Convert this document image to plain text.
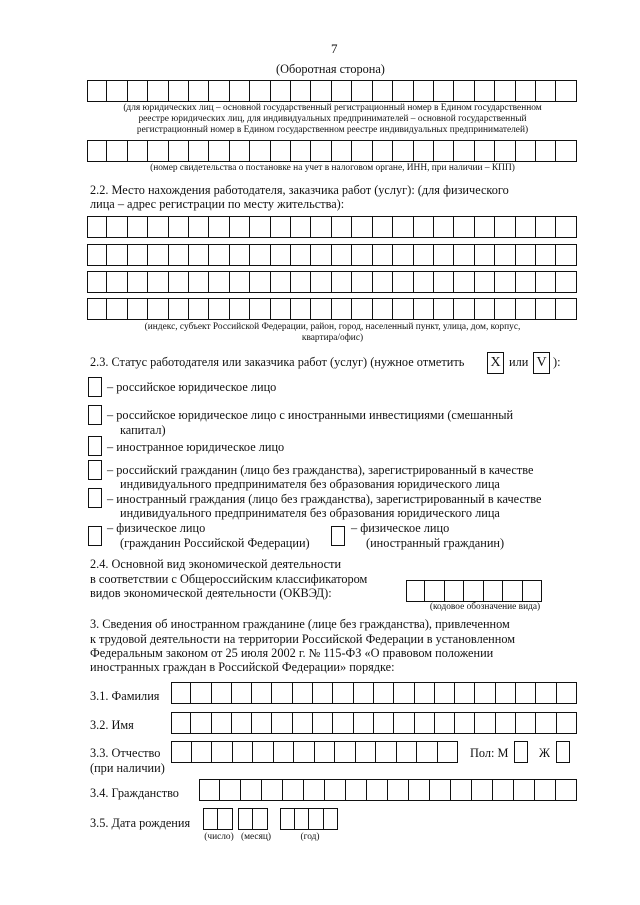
7
(Оборотная сторона)
(для юридических лиц – основной государственный регистрационный номер в Едином государственном
реестре юридических лиц, для индивидуальных предпринимателей – основной государственный
регистрационный номер в Едином государственном реестре индивидуальных предпринимателей)
(номер свидетельства о постановке на учет в налоговом органе, ИНН, при наличии – КПП)
2.2. Место нахождения работодателя, заказчика работ (услуг): (для физического
лица – адрес регистрации по месту жительства):
(индекс, субъект Российской Федерации, район, город, населенный пункт, улица, дом, корпус,
квартира/офис)
2.3. Статус работодателя или заказчика работ (услуг) (нужное отметить X или V ):
– российское юридическое лицо
– российское юридическое лицо с иностранными инвестициями (смешанный
капитал)
– иностранное юридическое лицо
– российский гражданин (лицо без гражданства), зарегистрированный в качестве
индивидуального предпринимателя без образования юридического лица
– иностранный граждания (лицо без гражданства), зарегистрированный в качестве
индивидуального предпринимателя без образования юридического лица
– физическое лицо
(гражданин Российской Федерации)
– физическое лицо
(иностранный гражданин)
2.4. Основной вид экономической деятельности
в соответствии с Общероссийским классификатором
видов экономической деятельности (ОКВЭД):
(кодовое обозначение вида)
3. Сведения об иностранном гражданине (лице без гражданства), привлеченном
к трудовой деятельности на территории Российской Федерации в установленном
Федеральным законом от 25 июля 2002 г. № 115-ФЗ «О правовом положении
иностранных граждан в Российской Федерации» порядке:
3.1. Фамилия
3.2. Имя
3.3. Отчество
(при наличии)
Пол: М Ж
3.4. Гражданство
3.5. Дата рождения
(число) (месяц)	(год)
